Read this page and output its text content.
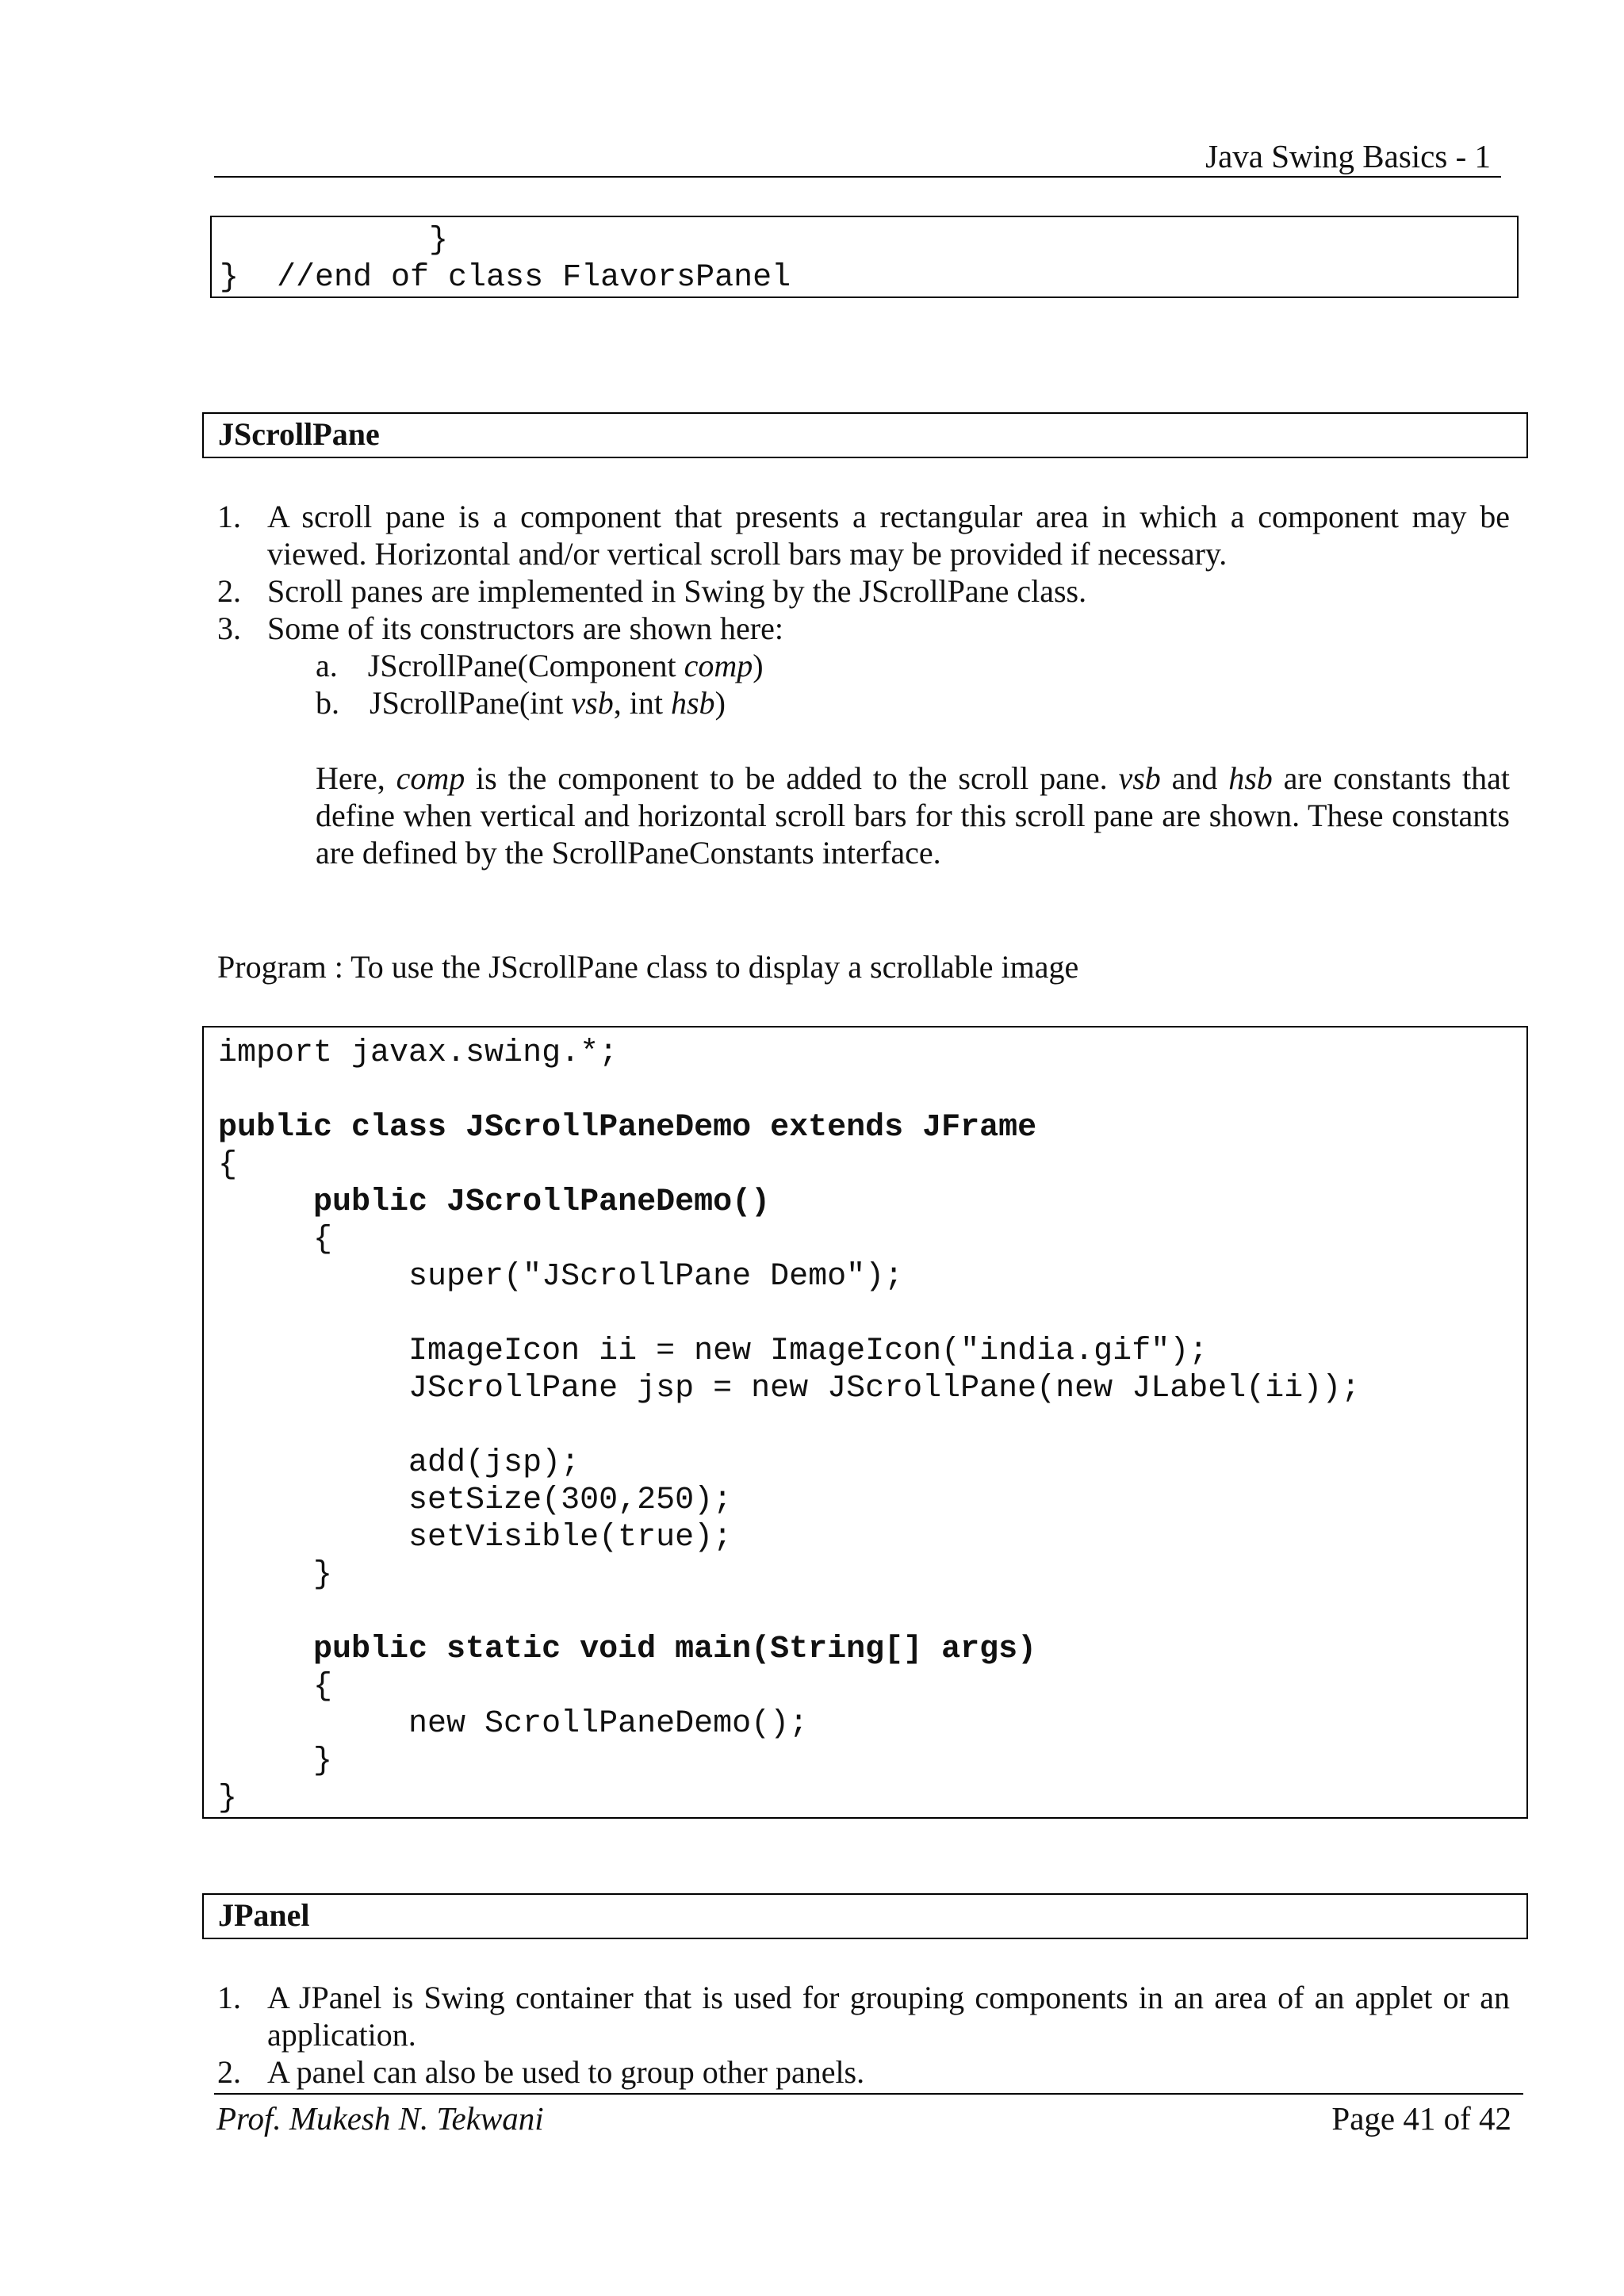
Java Swing Basics - 1
}
}  //end of class FlavorsPanel
JScrollPane
1. A scroll pane is a component that presents a rectangular area in which a component may be viewed. Horizontal and/or vertical scroll bars may be provided if necessary.
2. Scroll panes are implemented in Swing by the JScrollPane class.
3. Some of its constructors are shown here:
a. JScrollPane(Component comp)
b. JScrollPane(int vsb, int hsb)
Here, comp is the component to be added to the scroll pane. vsb and hsb are constants that define when vertical and horizontal scroll bars for this scroll pane are shown. These constants are defined by the ScrollPaneConstants interface.
Program : To use the JScrollPane class to display a scrollable image
import javax.swing.*;
public class JScrollPaneDemo extends JFrame
{
public JScrollPaneDemo()
{
super("JScrollPane Demo");
ImageIcon ii = new ImageIcon("india.gif");
JScrollPane jsp = new JScrollPane(new JLabel(ii));
add(jsp);
setSize(300,250);
setVisible(true);
}
public static void main(String[] args)
{
new ScrollPaneDemo();
}
}
JPanel
1. A JPanel is Swing container that is used for grouping components in an area of an applet or an application.
2. A panel can also be used to group other panels.
Prof. Mukesh N. Tekwani	Page 41 of 42
